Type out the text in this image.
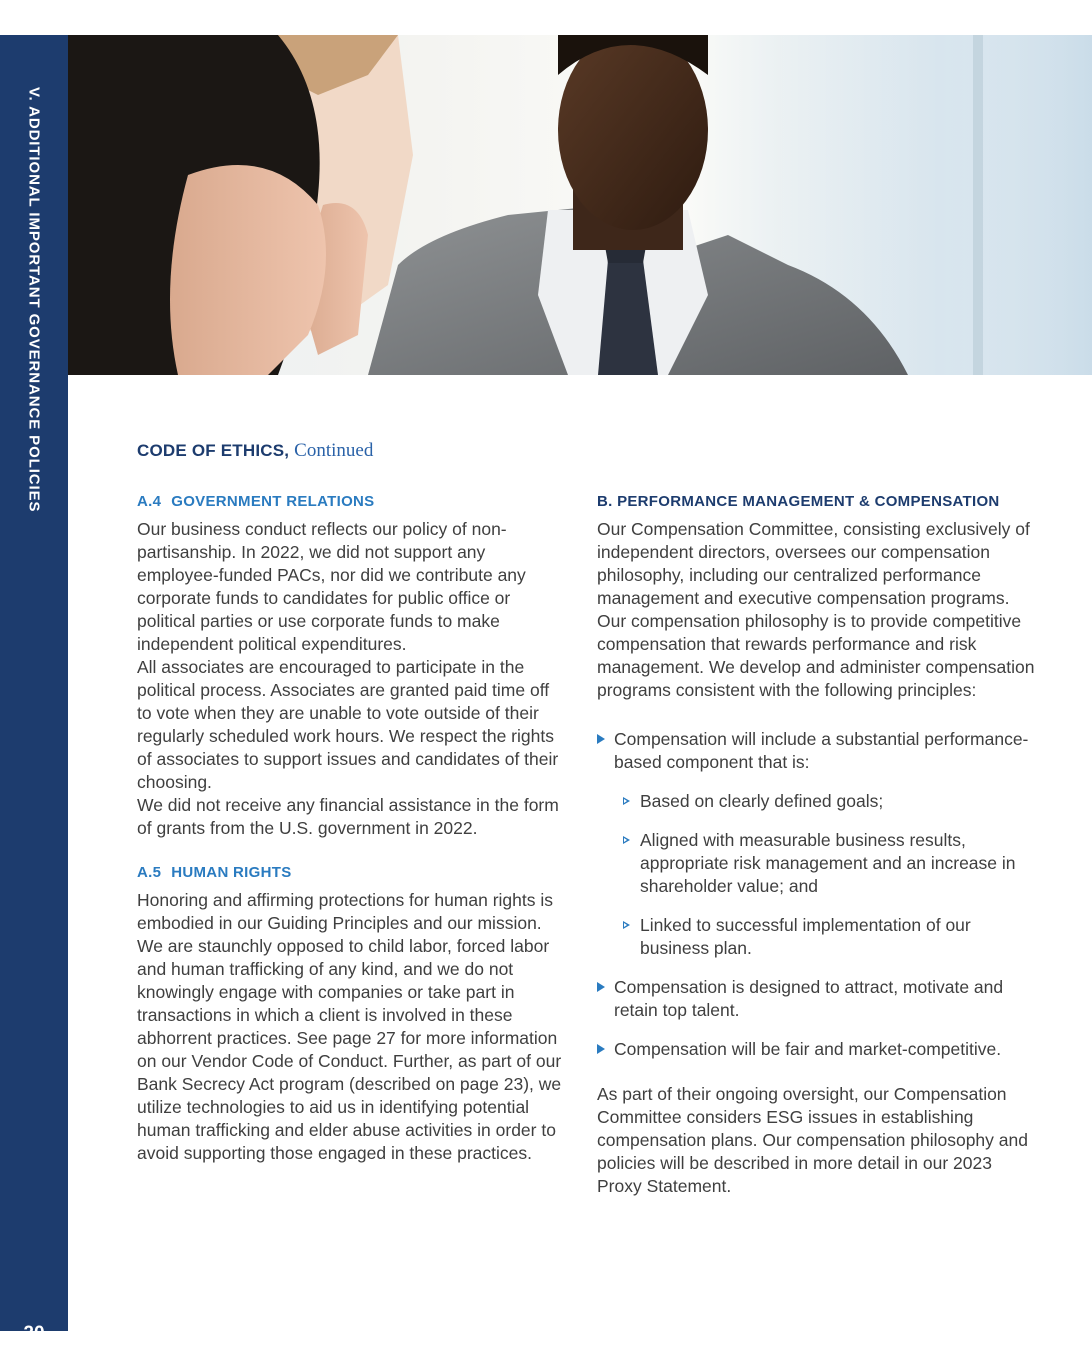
V. ADDITIONAL IMPORTANT GOVERNANCE POLICIES
20
CODE OF ETHICS, Continued
A.4 GOVERNMENT RELATIONS

Our business conduct reflects our policy of non-partisanship. In 2022, we did not support any employee-funded PACs, nor did we contribute any corporate funds to candidates for public office or political parties or use corporate funds to make independent political expenditures.

All associates are encouraged to participate in the political process. Associates are granted paid time off to vote when they are unable to vote outside of their regularly scheduled work hours. We respect the rights of associates to support issues and candidates of their choosing.

We did not receive any financial assistance in the form of grants from the U.S. government in 2022.

A.5 HUMAN RIGHTS

Honoring and affirming protections for human rights is embodied in our Guiding Principles and our mission. We are staunchly opposed to child labor, forced labor and human trafficking of any kind, and we do not knowingly engage with companies or take part in transactions in which a client is involved in these abhorrent practices. See page 27 for more information on our Vendor Code of Conduct. Further, as part of our Bank Secrecy Act program (described on page 23), we utilize technologies to aid us in identifying potential human trafficking and elder abuse activities in order to avoid supporting those engaged in these practices.

B. PERFORMANCE MANAGEMENT & COMPENSATION

Our Compensation Committee, consisting exclusively of independent directors, oversees our compensation philosophy, including our centralized performance management and executive compensation programs. Our compensation philosophy is to provide competitive compensation that rewards performance and risk management. We develop and administer compensation programs consistent with the following principles:

Compensation will include a substantial performance-based component that is:
Based on clearly defined goals;
Aligned with measurable business results, appropriate risk management and an increase in shareholder value; and
Linked to successful implementation of our business plan.
Compensation is designed to attract, motivate and retain top talent.
Compensation will be fair and market-competitive.

As part of their ongoing oversight, our Compensation Committee considers ESG issues in establishing compensation plans. Our compensation philosophy and policies will be described in more detail in our 2023 Proxy Statement.
